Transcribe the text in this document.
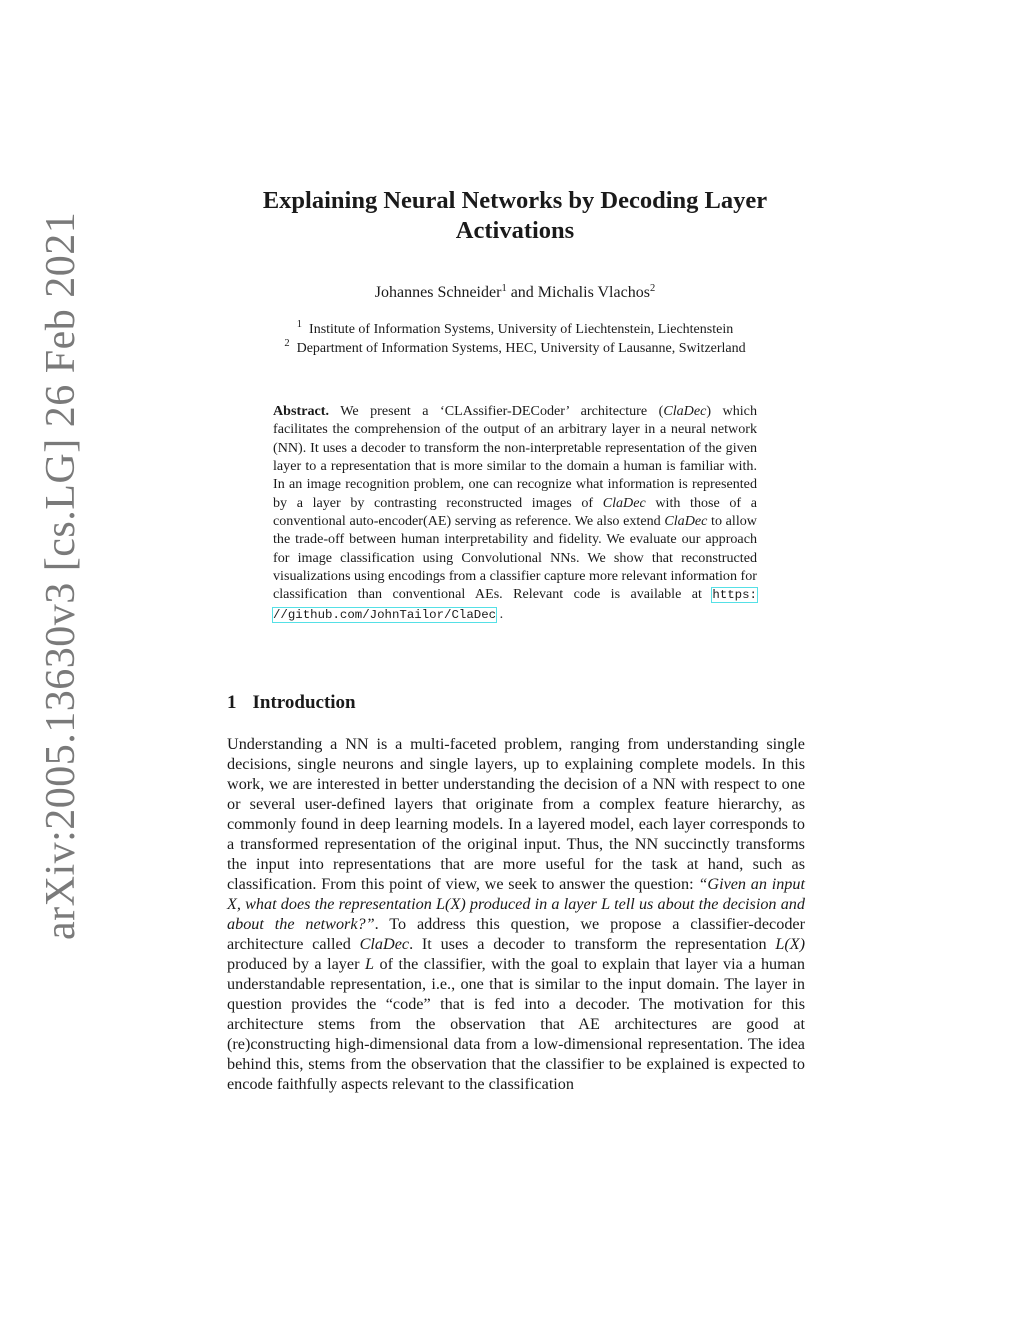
arXiv:2005.13630v3 [cs.LG] 26 Feb 2021
Explaining Neural Networks by Decoding Layer Activations
Johannes Schneider$^1$ and Michalis Vlachos$^2$
$^1$ Institute of Information Systems, University of Liechtenstein, Liechtenstein
$^2$ Department of Information Systems, HEC, University of Lausanne, Switzerland
Abstract. We present a ‘CLAssifier-DECoder’ architecture (ClaDec) which facilitates the comprehension of the output of an arbitrary layer in a neural network (NN). It uses a decoder to transform the non-interpretable representation of the given layer to a representation that is more similar to the domain a human is familiar with. In an image recognition problem, one can recognize what information is represented by a layer by contrasting reconstructed images of ClaDec with those of a conventional auto-encoder(AE) serving as reference. We also extend ClaDec to allow the trade-off between human interpretability and fidelity. We evaluate our approach for image classification using Convolutional NNs. We show that reconstructed visualizations using encodings from a classifier capture more relevant information for classification than conventional AEs. Relevant code is available at https: //github.com/JohnTailor/ClaDec .
1 Introduction
Understanding a NN is a multi-faceted problem, ranging from understanding single decisions, single neurons and single layers, up to explaining complete models. In this work, we are interested in better understanding the decision of a NN with respect to one or several user-defined layers that originate from a complex feature hierarchy, as commonly found in deep learning models. In a layered model, each layer corresponds to a transformed representation of the original input. Thus, the NN succinctly transforms the input into representations that are more useful for the task at hand, such as classification. From this point of view, we seek to answer the question: “Given an input X, what does the representation L(X) produced in a layer L tell us about the decision and about the network?”. To address this question, we propose a classifier-decoder architecture called ClaDec. It uses a decoder to transform the representation L(X) produced by a layer L of the classifier, with the goal to explain that layer via a human understandable representation, i.e., one that is similar to the input domain. The layer in question provides the “code” that is fed into a decoder. The motivation for this architecture stems from the observation that AE architectures are good at (re)constructing high-dimensional data from a low-dimensional representation. The idea behind this, stems from the observation that the classifier to be explained is expected to encode faithfully aspects relevant to the classification
